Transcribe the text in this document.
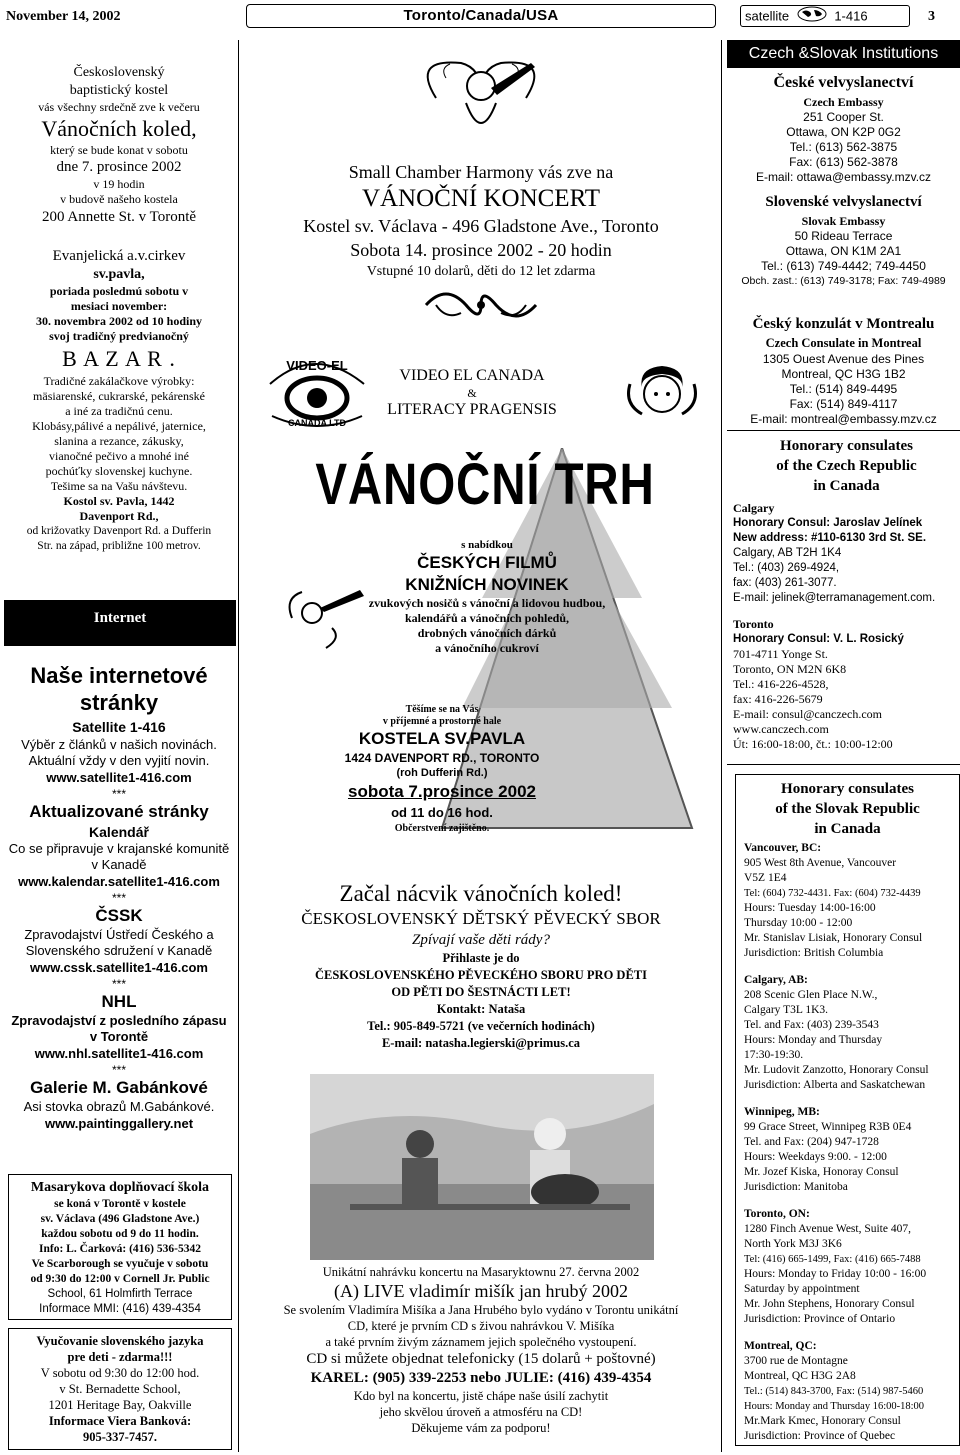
November 14, 2002	Toronto/Canada/USA	satellite	1-416	3

Československý

baptistický kostel

vás všechny srdečně zve k večeru

Vánočních koled,

který se bude konat v sobotu

dne 7. prosince 2002

v 19 hodin

v budově našeho kostela

200 Annette St. v Torontě

Evanjelická a.v.cirkev

sv.pavla,

poriada posledmú sobotu v

mesiaci november:

30. novembra 2002 od 10 hodiny

svoj tradičný predvianočný

B A Z A R .

Tradičné zakálačkove výrobky:

mäsiarenské, cukrarské, pekárenské

a iné za tradičnú cenu.

Klobásy,pálivé a nepálivé, jaternice,

slanina a rezance, zákusky,

vianočné pečivo a mnohé iné

pochúťky slovenskej kuchyne.

Tešime sa na Vašu návštevu.

Kostol sv. Pavla, 1442

Davenport Rd.,

od križovatky Davenport Rd. a Dufferin

Str. na západ, približne 100 metrov.

Internet
Naše internetové stránky
Satellite 1-416
Výběr z článků v našich novinách.
Aktuální vždy v den vyjití novin.
www.satellite1-416.com
***
Aktualizované stránky
Kalendář
Co se připravuje v krajanské komunitě
v Kanadě
www.kalendar.satellite1-416.com
***
ČSSK
Zpravodajství Ústředí Českého a
Slovenského sdružení v Kanadě
www.cssk.satellite1-416.com
***
NHL
Zpravodajství z posledního zápasu
v Torontě
www.nhl.satellite1-416.com
***
Galerie M. Gabánkové
Asi stovka obrazů M.Gabánkové.
www.paintinggallery.net

Masarykova doplňovací škola

se koná v Torontě v kostele

sv. Václava (496 Gladstone Ave.)

každou sobotu od 9 do 11 hodin.

Info: L. Čarková: (416) 536-5342

Ve Scarborough se vyučuje v sobotu

od 9:30 do 12:00 v Cornell Jr. Public

School, 61 Holmfirth Terrace

Informace MMI: (416) 439-4354

Vyučovanie slovenského jazyka

pre deti - zdarma!!!

V sobotu od 9:30 do 12:00 hod.

v St. Bernadette School,

1201 Heritage Bay, Oakville

Informace Viera Banková:

905-337-7457.

Small Chamber Harmony vás zve na

VÁNOČNÍ KONCERT

Kostel sv. Václava - 496 Gladstone Ave., Toronto

Sobota 14. prosince 2002 - 20 hodin

Vstupné 10 dolarů, děti do 12 let zdarma

VIDEO-EL
CANADA LTD

VIDEO EL CANADA

&

LITERACY PRAGENSIS

VÁNOČNÍ TRH

s nabídkou

ČESKÝCH FILMŮ

KNIŽNÍCH NOVINEK

zvukových nosičů s vánoční a lidovou hudbou,

kalendářů a vánočních pohledů,

drobných vánočních dárků

a vánočního cukroví

Těšíme se na Vás

v příjemné a prostorné hale

KOSTELA SV.PAVLA

1424 DAVENPORT RD., TORONTO

(roh Dufferin Rd.)

sobota 7.prosince 2002

od 11 do 16 hod.

Občerstvení zajištěno.

Začal nácvik vánočních koled!

ČESKOSLOVENSKÝ DĚTSKÝ PĚVECKÝ SBOR

Zpívají vaše děti rády?

Přihlaste je do

ČESKOSLOVENSKÉHO PĚVECKÉHO SBORU PRO DĚTI

OD PĚTI DO ŠESTNÁCTI LET!

Kontakt: Nataša

Tel.: 905-849-5721 (ve večerních hodinách)

E-mail: natasha.legierski@primus.ca

Unikátní nahrávku koncertu na Masaryktownu 27. června 2002

(A) LIVE vladimír mišík jan hrubý 2002

Se svolením Vladimíra Mišíka a Jana Hrubého bylo vydáno v Torontu unikátní

CD, které je prvním CD s živou nahrávkou V. Mišíka

a také prvním živým záznamem jejich společného vystoupení.

CD si můžete objednat telefonicky (15 dolarů + poštovné)

KAREL: (905) 339-2253 nebo JULIE: (416) 439-4354

Kdo byl na koncertu, jistě chápe naše úsilí zachytit

jeho skvělou úroveň a atmosféru na CD!

Děkujeme vám za podporu!

Czech &Slovak Institutions

České velvyslanectví

Czech Embassy

251 Cooper St.

Ottawa, ON K2P 0G2

Tel.: (613) 562-3875

Fax: (613) 562-3878

E-mail: ottawa@embassy.mzv.cz

Slovenské velvyslanectví

Slovak Embassy

50 Rideau Terrace

Ottawa, ON K1M 2A1

Tel.: (613) 749-4442; 749-4450

Obch. zast.: (613) 749-3178; Fax: 749-4989

Český konzulát v Montrealu

Czech Consulate in Montreal

1305 Ouest Avenue des Pines

Montreal, QC H3G 1B2

Tel.: (514) 849-4495

Fax: (514) 849-4117

E-mail: montreal@embassy.mzv.cz

Honorary consulates

of the Czech Republic

in Canada

Calgary

Honorary Consul: Jaroslav Jelínek

New address: #110-6130 3rd St. SE.

Calgary, AB T2H 1K4

Tel.: (403) 269-4924,

fax: (403) 261-3077.

E-mail: jelinek@terramanagement.com.

Toronto

Honorary Consul: V. L. Rosický

701-4711 Yonge St.

Toronto, ON M2N 6K8

Tel.: 416-226-4528,

fax: 416-226-5679

E-mail: consul@canczech.com

www.canczech.com

Út: 16:00-18:00, čt.: 10:00-12:00

Honorary consulates

of the Slovak Republic

in Canada

Vancouver, BC:

905 West 8th Avenue, Vancouver

V5Z 1E4

Tel: (604) 732-4431. Fax: (604) 732-4439

Hours: Tuesday 14:00-16:00

Thursday 10:00 - 12:00

Mr. Stanislav Lisiak, Honorary Consul

Jurisdiction: British Columbia

Calgary, AB:

208 Scenic Glen Place N.W.,

Calgary T3L 1K3.

Tel. and Fax: (403) 239-3543

Hours: Monday and Thursday

17:30-19:30.

Mr. Ludovit Zanzotto, Honorary Consul

Jurisdiction: Alberta and Saskatchewan

Winnipeg, MB:

99 Grace Street, Winnipeg R3B 0E4

Tel. and Fax: (204) 947-1728

Hours: Weekdays 9:00. - 12:00

Mr. Jozef Kiska, Honoray Consul

Jurisdiction: Manitoba

Toronto, ON:

1280 Finch Avenue West, Suite 407,

North York M3J 3K6

Tel: (416) 665-1499, Fax: (416) 665-7488

Hours: Monday to Friday 10:00 - 16:00

Saturday by appointment

Mr. John Stephens, Honorary Consul

Jurisdiction: Province of Ontario

Montreal, QC:

3700 rue de Montagne

Montreal, QC H3G 2A8

Tel.: (514) 843-3700, Fax: (514) 987-5460

Hours: Monday and Thursday 16:00-18:00

Mr.Mark Kmec, Honorary Consul

Jurisdiction: Province of Quebec
